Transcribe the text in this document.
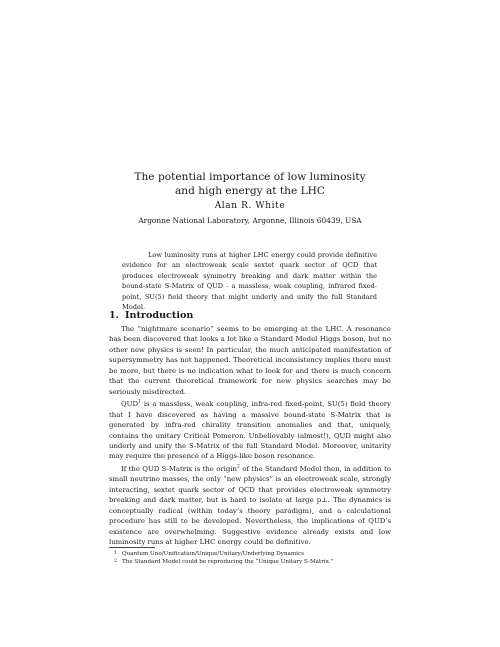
The potential importance of low luminosity
and high energy at the LHC
Alan R. White
Argonne National Laboratory, Argonne, Illinois 60439, USA

Low luminosity runs at higher LHC energy could provide definitive evidence for an electroweak scale sextet quark sector of QCD that produces electroweak symmetry breaking and dark matter within the bound-state S-Matrix of QUD - a massless, weak coupling, infrared fixed-point, SU(5) field theory that might underly and unify the full Standard Model.

1. Introduction

The “nightmare scenario” seems to be emerging at the LHC. A resonance has been discovered that looks a lot like a Standard Model Higgs boson, but no other new physics is seen! In particular, the much anticipated manifestation of supersymmetry has not happened. Theoretical inconsistency implies there must be more, but there is no indication what to look for and there is much concern that the current theoretical framework for new physics searches may be seriously misdirected.

QUD$^1$ is a massless, weak coupling, infra-red fixed-point, SU(5) field theory that I have discovered as having a massive bound-state S-Matrix that is generated by infra-red chirality transition anomalies and that, uniquely, contains the unitary Critical Pomeron. Unbelievably (almost!), QUD might also underly and unify the S-Matrix of the full Standard Model. Moreover, unitarity may require the presence of a Higgs-like boson resonance.

If the QUD S-Matrix is the origin$^2$ of the Standard Model then, in addition to small neutrino masses, the only “new physics” is an electroweak scale, strongly interacting, sextet quark sector of QCD that provides electroweak symmetry breaking and dark matter, but is hard to isolate at large p⊥. The dynamics is conceptually radical (within today’s theory paradigm), and a calculational procedure has still to be developed. Nevertheless, the implications of QUD’s existence are overwhelming. Suggestive evidence already exists and low luminosity runs at higher LHC energy could be definitive.

1 Quantum Uno/Unification/Unique/Unitary/Underlying Dynamics
2 The Standard Model could be reproducing the “Unique Unitary S-Matrix.”
